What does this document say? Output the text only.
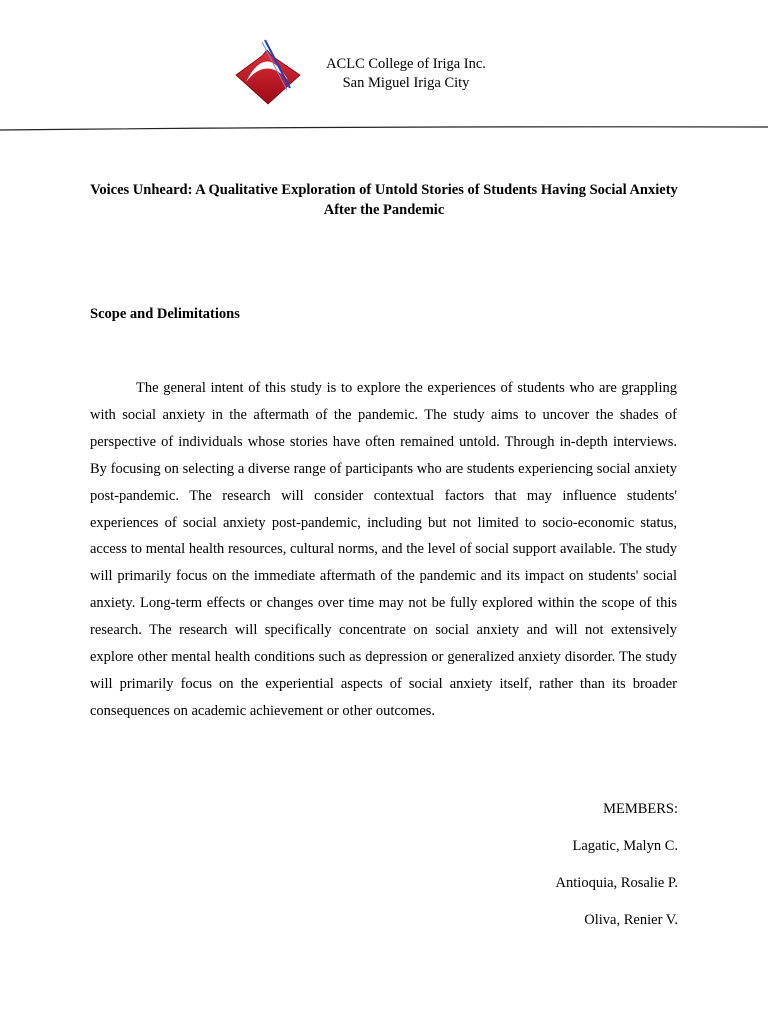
ACLC College of Iriga Inc.
San Miguel Iriga City
Voices Unheard: A Qualitative Exploration of Untold Stories of Students Having Social Anxiety After the Pandemic
Scope and Delimitations

The general intent of this study is to explore the experiences of students who are grappling with social anxiety in the aftermath of the pandemic. The study aims to uncover the shades of perspective of individuals whose stories have often remained untold. Through in-depth interviews. By focusing on selecting a diverse range of participants who are students experiencing social anxiety post-pandemic. The research will consider contextual factors that may influence students' experiences of social anxiety post-pandemic, including but not limited to socio-economic status, access to mental health resources, cultural norms, and the level of social support available. The study will primarily focus on the immediate aftermath of the pandemic and its impact on students' social anxiety. Long-term effects or changes over time may not be fully explored within the scope of this research. The research will specifically concentrate on social anxiety and will not extensively explore other mental health conditions such as depression or generalized anxiety disorder. The study will primarily focus on the experiential aspects of social anxiety itself, rather than its broader consequences on academic achievement or other outcomes.

MEMBERS:
Lagatic, Malyn C.
Antioquia, Rosalie P.
Oliva, Renier V.
